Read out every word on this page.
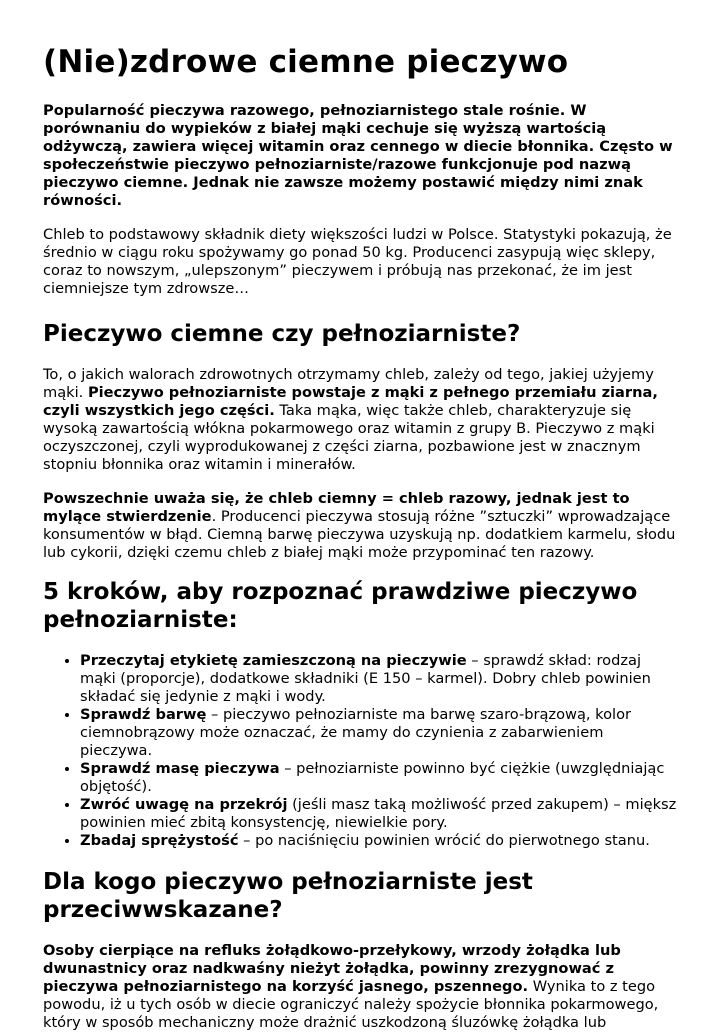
(Nie)zdrowe ciemne pieczywo

Popularność pieczywa razowego, pełnoziarnistego stale rośnie. W porównaniu do wypieków z białej mąki cechuje się wyższą wartością odżywczą, zawiera więcej witamin oraz cennego w diecie błonnika. Często w społeczeństwie pieczywo pełnoziarniste/razowe funkcjonuje pod nazwą pieczywo ciemne. Jednak nie zawsze możemy postawić między nimi znak równości.

Chleb to podstawowy składnik diety większości ludzi w Polsce. Statystyki pokazują, że średnio w ciągu roku spożywamy go ponad 50 kg. Producenci zasypują więc sklepy, coraz to nowszym, „ulepszonym” pieczywem i próbują nas przekonać, że im jest ciemniejsze tym zdrowsze…

Pieczywo ciemne czy pełnoziarniste?

To, o jakich walorach zdrowotnych otrzymamy chleb, zależy od tego, jakiej użyjemy mąki. Pieczywo pełnoziarniste powstaje z mąki z pełnego przemiału ziarna, czyli wszystkich jego części. Taka mąka, więc także chleb, charakteryzuje się wysoką zawartością włókna pokarmowego oraz witamin z grupy B. Pieczywo z mąki oczyszczonej, czyli wyprodukowanej z części ziarna, pozbawione jest w znacznym stopniu błonnika oraz witamin i minerałów.

Powszechnie uważa się, że chleb ciemny = chleb razowy, jednak jest to mylące stwierdzenie. Producenci pieczywa stosują różne ”sztuczki” wprowadzające konsumentów w błąd. Ciemną barwę pieczywa uzyskują np. dodatkiem karmelu, słodu lub cykorii, dzięki czemu chleb z białej mąki może przypominać ten razowy.

5 kroków, aby rozpoznać prawdziwe pieczywo pełnoziarniste:
• Przeczytaj etykietę zamieszczoną na pieczywie – sprawdź skład: rodzaj mąki (proporcje), dodatkowe składniki (E 150 – karmel). Dobry chleb powinien składać się jedynie z mąki i wody.
• Sprawdź barwę – pieczywo pełnoziarniste ma barwę szaro-brązową, kolor ciemnobrązowy może oznaczać, że mamy do czynienia z zabarwieniem pieczywa.
• Sprawdź masę pieczywa – pełnoziarniste powinno być ciężkie (uwzględniając objętość).
• Zwróć uwagę na przekrój (jeśli masz taką możliwość przed zakupem) – miększ powinien mieć zbitą konsystencję, niewielkie pory.
• Zbadaj sprężystość – po naciśnięciu powinien wrócić do pierwotnego stanu.
Dla kogo pieczywo pełnoziarniste jest przeciwwskazane?

Osoby cierpiące na refluks żołądkowo-przełykowy, wrzody żołądka lub dwunastnicy oraz nadkwaśny nieżyt żołądka, powinny zrezygnować z pieczywa pełnoziarnistego na korzyść jasnego, pszennego. Wynika to z tego powodu, iż u tych osób w diecie ograniczyć należy spożycie błonnika pokarmowego, który w sposób mechaniczny może drażnić uszkodzoną śluzówkę żołądka lub
